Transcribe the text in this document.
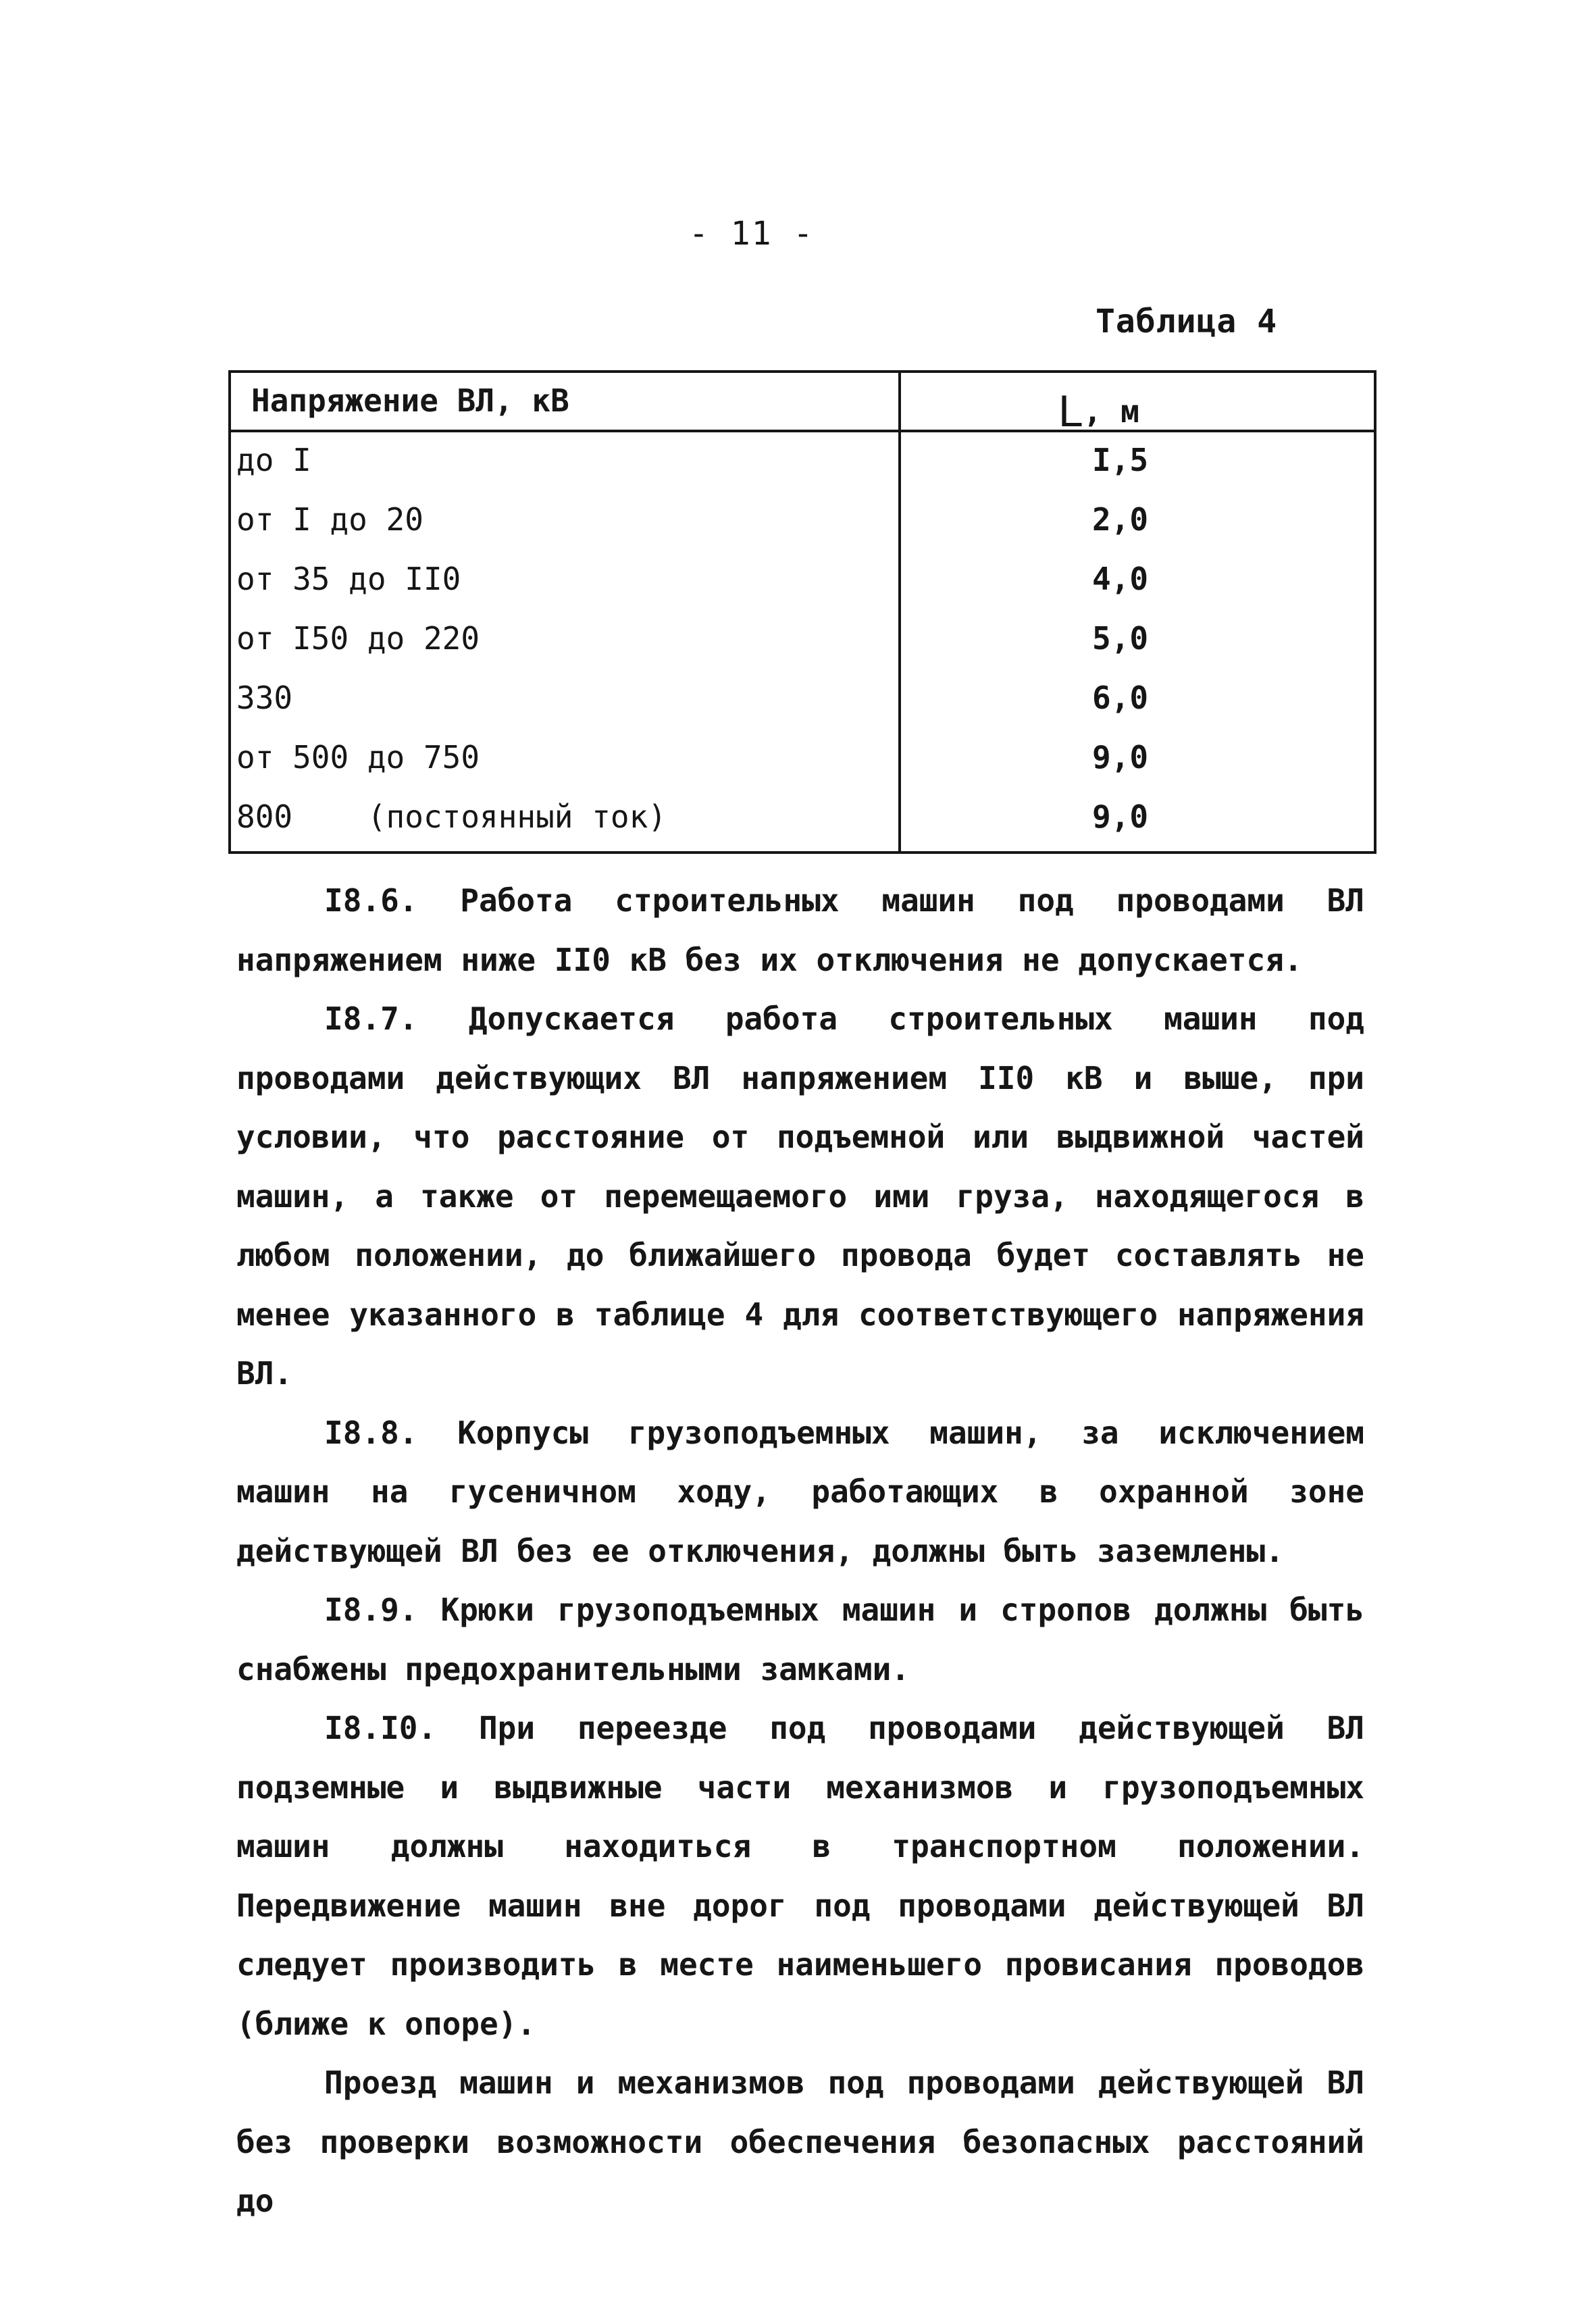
- 11 -
Таблица 4
Напряжение ВЛ, кВ	L, м
до I	I,5
от I до 20	2,0
от 35 до II0	4,0
от I50 до 220	5,0
330	6,0
от 500 до 750	9,0
800    (постоянный ток)	9,0

I8.6. Работа строительных машин под проводами ВЛ напряжением ниже II0 кВ без их отключения не допускается.

I8.7. Допускается работа строительных машин под проводами действующих ВЛ напряжением II0 кВ и выше, при условии, что расстояние от подъемной или выдвижной частей машин, а также от перемещаемого ими груза, находящегося в любом положении, до ближайшего провода будет составлять не менее указанного в таблице 4 для соответствующего напряжения ВЛ.

I8.8. Корпусы грузоподъемных машин, за исключением машин на гусеничном ходу, работающих в охранной зоне действующей ВЛ без ее отключения, должны быть заземлены.

I8.9. Крюки грузоподъемных машин и стропов должны быть снабжены предохранительными замками.

I8.I0. При переезде под проводами действующей ВЛ подземные и выдвижные части механизмов и грузоподъемных машин должны находиться в транспортном положении. Передвижение машин вне дорог под проводами действующей ВЛ следует производить в месте наименьшего провисания проводов (ближе к опоре).

Проезд машин и механизмов под проводами действующей ВЛ без проверки возможности обеспечения безопасных расстояний до
